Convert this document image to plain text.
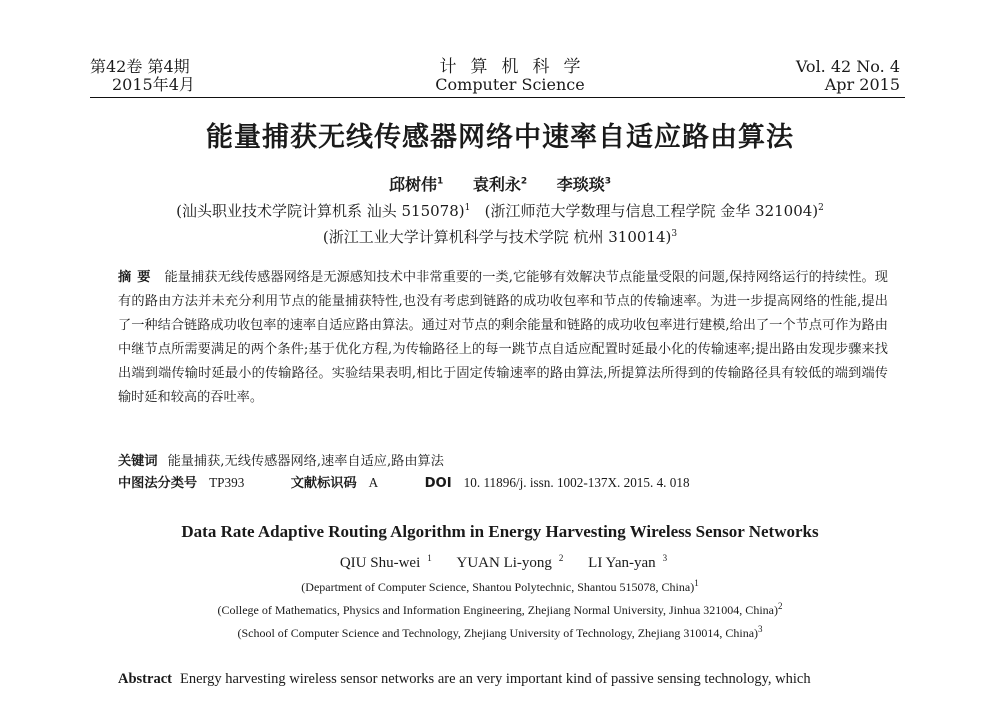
第42卷 第4期
2015年4月
计算机科学
Computer Science
Vol. 42 No. 4
Apr 2015
能量捕获无线传感器网络中速率自适应路由算法
邱树伟$^1$ 袁利永$^2$ 李琰琰$^3$
(汕头职业技术学院计算机系 汕头 515078)$^1$ (浙江师范大学数理与信息工程学院 金华 321004)$^2$
(浙江工业大学计算机科学与技术学院 杭州 310014)$^3$
摘要 能量捕获无线传感器网络是无源感知技术中非常重要的一类,它能够有效解决节点能量受限的问题,保持网络运行的持续性。现有的路由方法并未充分利用节点的能量捕获特性,也没有考虑到链路的成功收包率和节点的传输速率。为进一步提高网络的性能,提出了一种结合链路成功收包率的速率自适应路由算法。通过对节点的剩余能量和链路的成功收包率进行建模,给出了一个节点可作为路由中继节点所需要满足的两个条件;基于优化方程,为传输路径上的每一跳节点自适应配置时延最小化的传输速率;提出路由发现步骤来找出端到端传输时延最小的传输路径。实验结果表明,相比于固定传输速率的路由算法,所提算法所得到的传输路径具有较低的端到端传输时延和较高的吞吐率。
关键词 能量捕获,无线传感器网络,速率自适应,路由算法
中图法分类号 TP393	文献标识码 A	DOI 10. 11896/j. issn. 1002-137X. 2015. 4. 018
Data Rate Adaptive Routing Algorithm in Energy Harvesting Wireless Sensor Networks
QIU Shu-wei $^1$ YUAN Li-yong $^2$ LI Yan-yan $^3$
(Department of Computer Science, Shantou Polytechnic, Shantou 515078, China)$^1$
(College of Mathematics, Physics and Information Engineering, Zhejiang Normal University, Jinhua 321004, China)$^2$
(School of Computer Science and Technology, Zhejiang University of Technology, Zhejiang 310014, China)$^3$
Abstract Energy harvesting wireless sensor networks are an very important kind of passive sensing technology, which
